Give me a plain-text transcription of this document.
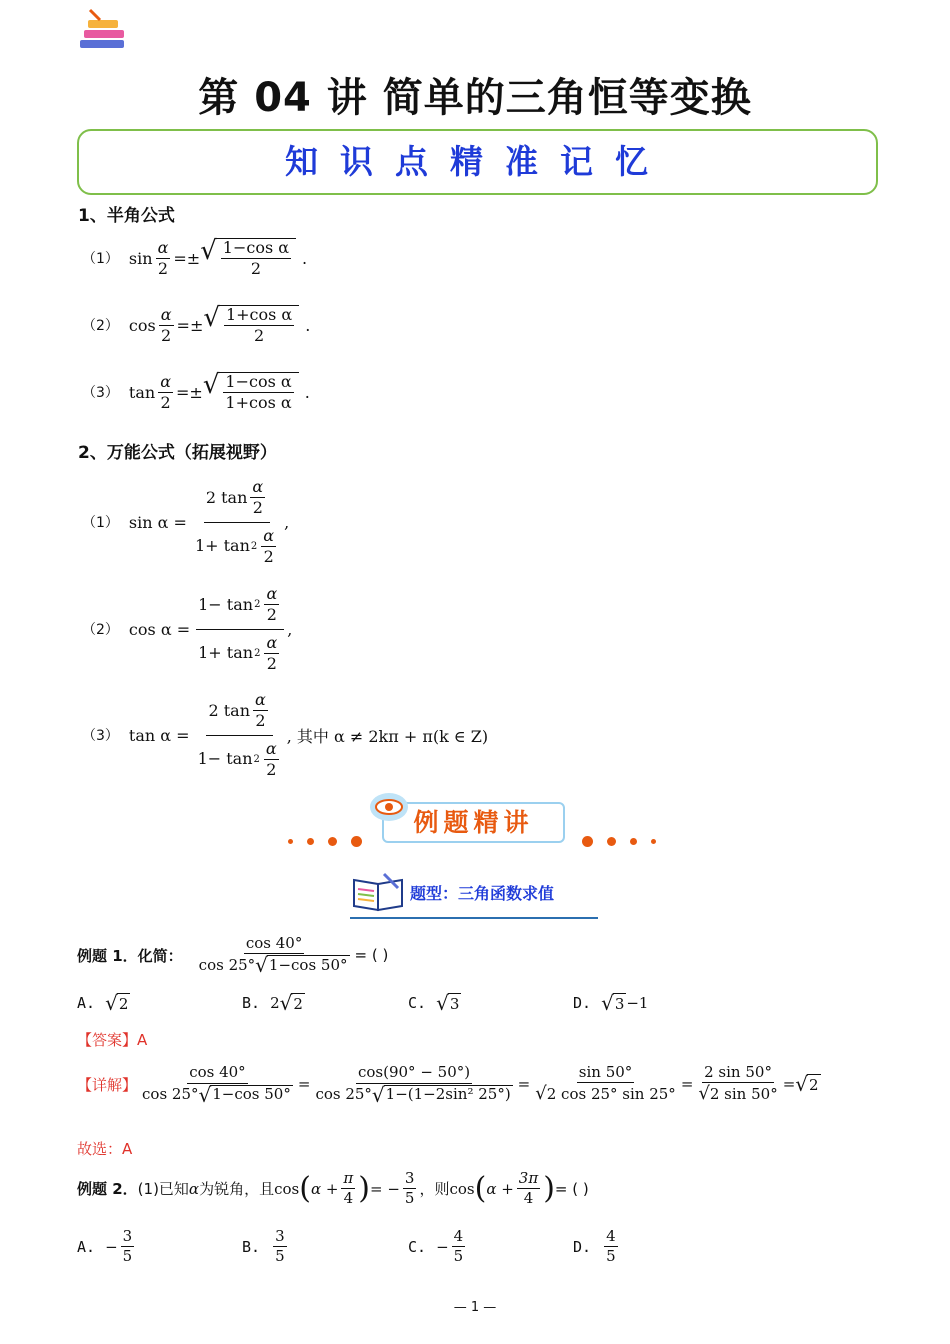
第 04 讲 简单的三角恒等变换
知识点精准记忆
1、半角公式
（1） $\sin \frac{\alpha}{2}$ =± √ $\frac{\text{1−cos α}}{2}$ .
（2） $\cos \frac{\alpha}{2}$ =± √ $\frac{\text{1+cos α}}{2}$ .
（3） $\tan \frac{\alpha}{2}$ =± √ $\frac{\text{1−cos α}}{\text{1+cos α}}$ .
2、万能公式（拓展视野）
（1） $\sin \alpha = \frac{2 \tan \frac{\alpha}{2}}{1+ \tan 2 \frac{\alpha}{2}}$ ,
（2） $\cos \alpha = \frac{1- \tan 2 \frac{\alpha}{2}}{1+ \tan 2 \frac{\alpha}{2}}$ ,
（3） $\tan \alpha = \frac{2 \tan \frac{\alpha}{2}}{1- \tan 2 \frac{\alpha}{2}}$ , 其中 α ≠ 2kπ + π(k ∈ Z)
例题精讲
题型：三角函数求值
例题 1．化简： $\frac{\cos 40^\circ}{\cos 25^\circ √ 1-\cos 50^\circ}$ = ( )
A. √ 2	B. 2 √ 2	C. √ 3	D. √ 3 −1
【答案】A
【详解】 $\frac{\cos 40^\circ}{\cos 25^\circ √ 1-\cos 50^\circ} = \frac{\cos(90^\circ - 50^\circ)}{\text{cos 25° √ 1−(1−2sin² 25°)}} = \frac{\sin 50^\circ}{√ 2 \cos 25^\circ \sin 25^\circ} = \frac{2 \sin 50^\circ}{√ 2 \sin 50^\circ}$ = √ 2
故选：A
例题 2． (1)已知 α 为锐角，且 cos ( $\alpha + \frac{\pi}{4}$ ) = − $\frac{3}{5}$ ，则 cos ( $\alpha + \frac{3\pi}{4}$ ) = ( )
A. − $\frac{3}{5}$	B. $\frac{3}{5}$	C. − $\frac{4}{5}$	D. $\frac{4}{5}$
— 1 —
